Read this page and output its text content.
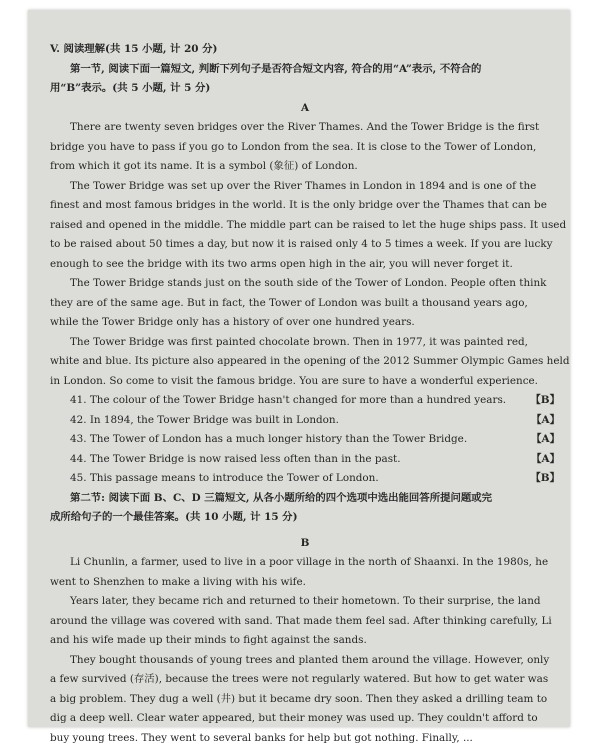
V. 阅读理解(共 15 小题, 计 20 分)
第一节, 阅读下面一篇短文, 判断下列句子是否符合短文内容, 符合的用“A”表示, 不符合的
用“B”表示。(共 5 小题, 计 5 分)
A
There are twenty seven bridges over the River Thames. And the Tower Bridge is the first
bridge you have to pass if you go to London from the sea. It is close to the Tower of London,
from which it got its name. It is a symbol (象征) of London.
The Tower Bridge was set up over the River Thames in London in 1894 and is one of the
finest and most famous bridges in the world. It is the only bridge over the Thames that can be
raised and opened in the middle. The middle part can be raised to let the huge ships pass. It used
to be raised about 50 times a day, but now it is raised only 4 to 5 times a week. If you are lucky
enough to see the bridge with its two arms open high in the air, you will never forget it.
The Tower Bridge stands just on the south side of the Tower of London. People often think
they are of the same age. But in fact, the Tower of London was built a thousand years ago,
while the Tower Bridge only has a history of over one hundred years.
The Tower Bridge was first painted chocolate brown. Then in 1977, it was painted red,
white and blue. Its picture also appeared in the opening of the 2012 Summer Olympic Games held
in London. So come to visit the famous bridge. You are sure to have a wonderful experience.
41. The colour of the Tower Bridge hasn't changed for more than a hundred years. 【B】
42. In 1894, the Tower Bridge was built in London.	【A】
43. The Tower of London has a much longer history than the Tower Bridge.	【A】
44. The Tower Bridge is now raised less often than in the past.	【A】
45. This passage means to introduce the Tower of London.	【B】
第二节: 阅读下面 B、C、D 三篇短文, 从各小题所给的四个选项中选出能回答所提问题或完
成所给句子的一个最佳答案。(共 10 小题, 计 15 分)
B
Li Chunlin, a farmer, used to live in a poor village in the north of Shaanxi. In the 1980s, he
went to Shenzhen to make a living with his wife.
Years later, they became rich and returned to their hometown. To their surprise, the land
around the village was covered with sand. That made them feel sad. After thinking carefully, Li
and his wife made up their minds to fight against the sands.
They bought thousands of young trees and planted them around the village. However, only
a few survived (存活), because the trees were not regularly watered. But how to get water was
a big problem. They dug a well (井) but it became dry soon. Then they asked a drilling team to
dig a deep well. Clear water appeared, but their money was used up. They couldn't afford to
buy young trees. They went to several banks for help but got nothing. Finally, ...
